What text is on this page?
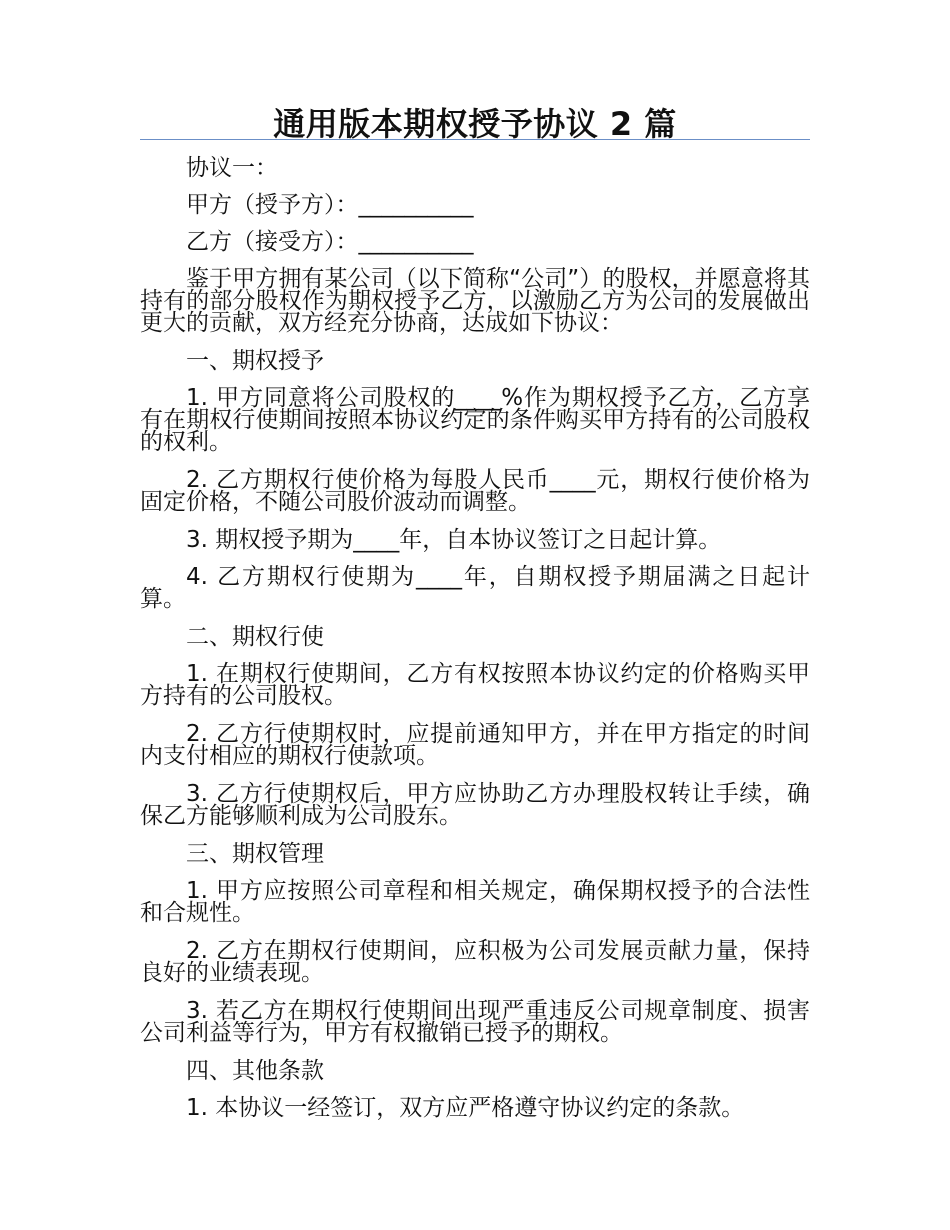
通用版本期权授予协议 2 篇

协议一：

甲方（授予方）：__________

乙方（接受方）：__________

鉴于甲方拥有某公司（以下简称“公司”）的股权，并愿意将其持有的部分股权作为期权授予乙方，以激励乙方为公司的发展做出更大的贡献，双方经充分协商，达成如下协议：

一、期权授予

1. 甲方同意将公司股权的____%作为期权授予乙方，乙方享有在期权行使期间按照本协议约定的条件购买甲方持有的公司股权的权利。

2. 乙方期权行使价格为每股人民币____元，期权行使价格为固定价格，不随公司股价波动而调整。

3. 期权授予期为____年，自本协议签订之日起计算。

4. 乙方期权行使期为____年，自期权授予期届满之日起计算。

二、期权行使

1. 在期权行使期间，乙方有权按照本协议约定的价格购买甲方持有的公司股权。

2. 乙方行使期权时，应提前通知甲方，并在甲方指定的时间内支付相应的期权行使款项。

3. 乙方行使期权后，甲方应协助乙方办理股权转让手续，确保乙方能够顺利成为公司股东。

三、期权管理

1. 甲方应按照公司章程和相关规定，确保期权授予的合法性和合规性。

2. 乙方在期权行使期间，应积极为公司发展贡献力量，保持良好的业绩表现。

3. 若乙方在期权行使期间出现严重违反公司规章制度、损害公司利益等行为，甲方有权撤销已授予的期权。

四、其他条款

1. 本协议一经签订，双方应严格遵守协议约定的条款。
